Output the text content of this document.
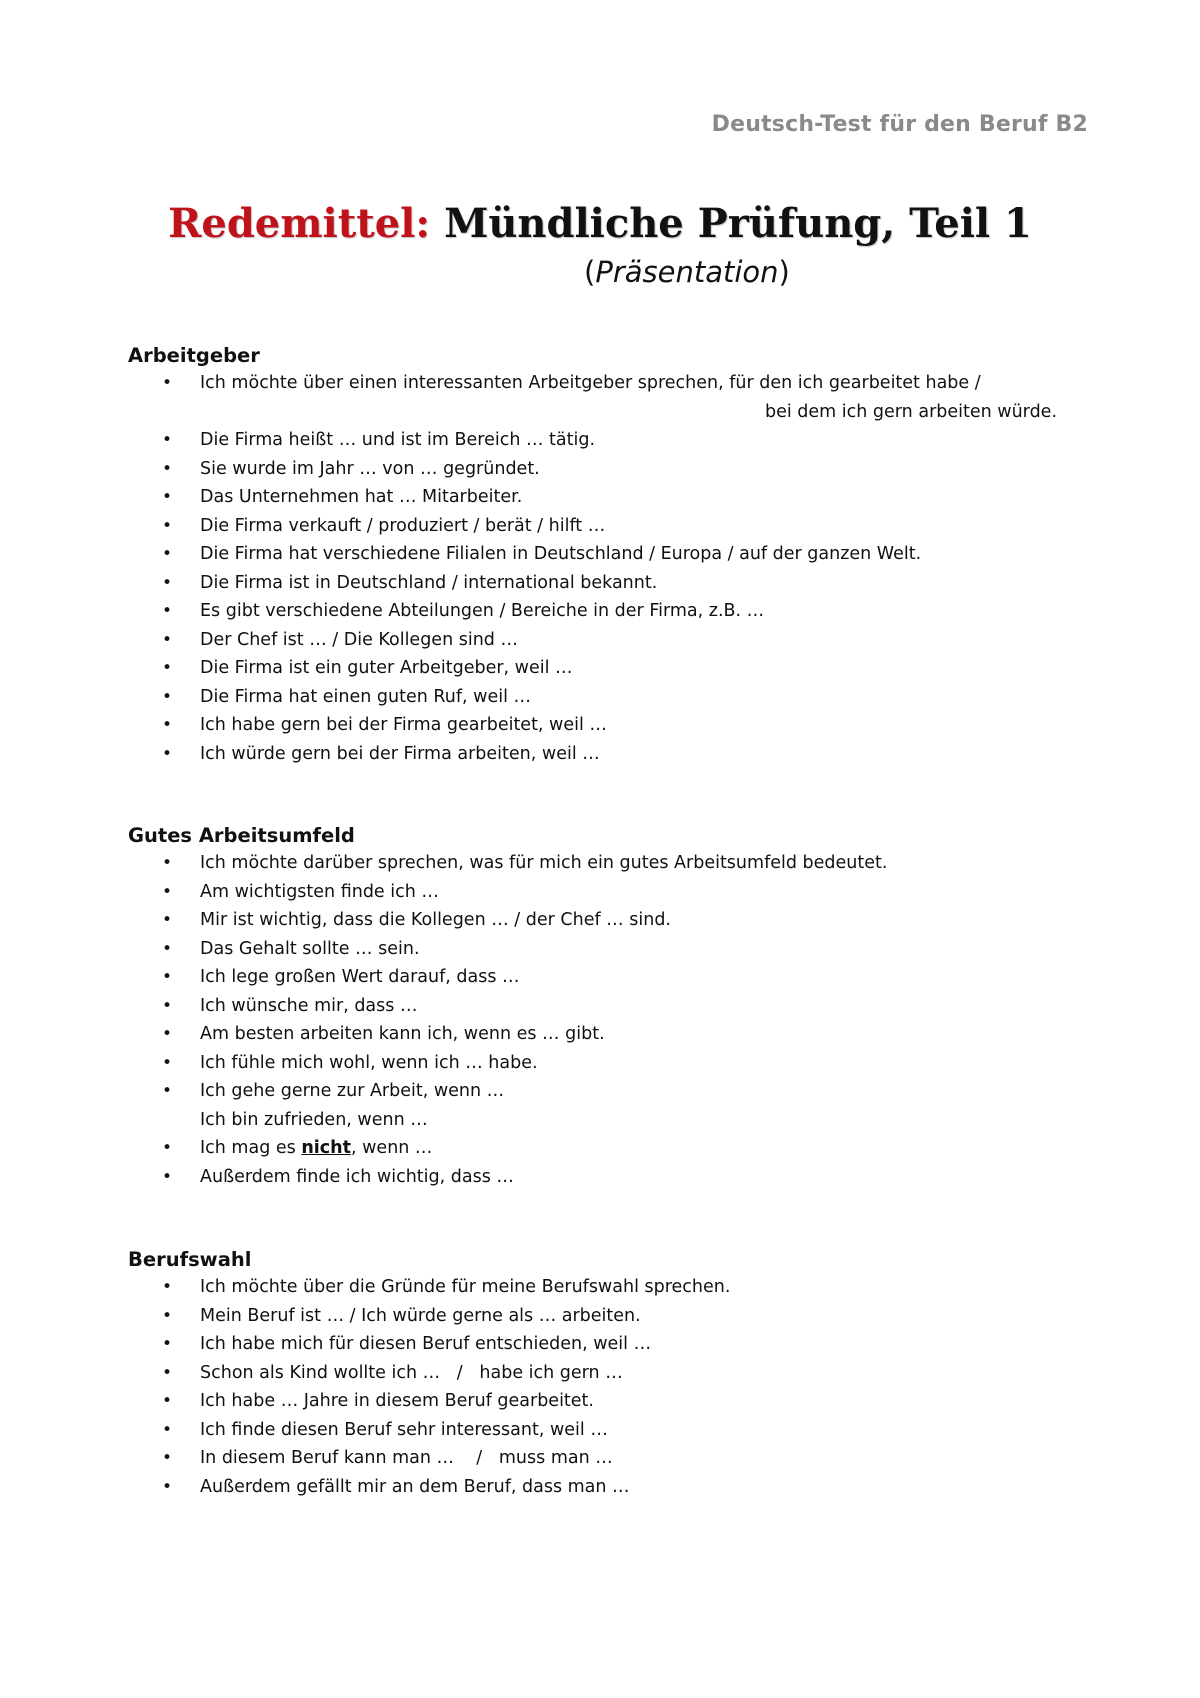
Deutsch-Test für den Beruf B2
Redemittel: Mündliche Prüfung, Teil 1
(Präsentation)
Arbeitgeber
• Ich möchte über einen interessanten Arbeitgeber sprechen, für den ich gearbeitet habe /
bei dem ich gern arbeiten würde.
• Die Firma heißt … und ist im Bereich … tätig.
• Sie wurde im Jahr … von … gegründet.
• Das Unternehmen hat … Mitarbeiter.
• Die Firma verkauft / produziert / berät / hilft …
• Die Firma hat verschiedene Filialen in Deutschland / Europa / auf der ganzen Welt.
• Die Firma ist in Deutschland / international bekannt.
• Es gibt verschiedene Abteilungen / Bereiche in der Firma, z.B. …
• Der Chef ist … / Die Kollegen sind …
• Die Firma ist ein guter Arbeitgeber, weil …
• Die Firma hat einen guten Ruf, weil …
• Ich habe gern bei der Firma gearbeitet, weil …
• Ich würde gern bei der Firma arbeiten, weil …
Gutes Arbeitsumfeld
• Ich möchte darüber sprechen, was für mich ein gutes Arbeitsumfeld bedeutet.
• Am wichtigsten finde ich …
• Mir ist wichtig, dass die Kollegen … / der Chef … sind.
• Das Gehalt sollte … sein.
• Ich lege großen Wert darauf, dass …
• Ich wünsche mir, dass …
• Am besten arbeiten kann ich, wenn es … gibt.
• Ich fühle mich wohl, wenn ich … habe.
• Ich gehe gerne zur Arbeit, wenn …
Ich bin zufrieden, wenn …
• Ich mag es nicht, wenn …
• Außerdem finde ich wichtig, dass …
Berufswahl
• Ich möchte über die Gründe für meine Berufswahl sprechen.
• Mein Beruf ist … / Ich würde gerne als … arbeiten.
• Ich habe mich für diesen Beruf entschieden, weil …
• Schon als Kind wollte ich …   /   habe ich gern …
• Ich habe … Jahre in diesem Beruf gearbeitet.
• Ich finde diesen Beruf sehr interessant, weil …
• In diesem Beruf kann man …    /   muss man …
• Außerdem gefällt mir an dem Beruf, dass man …
